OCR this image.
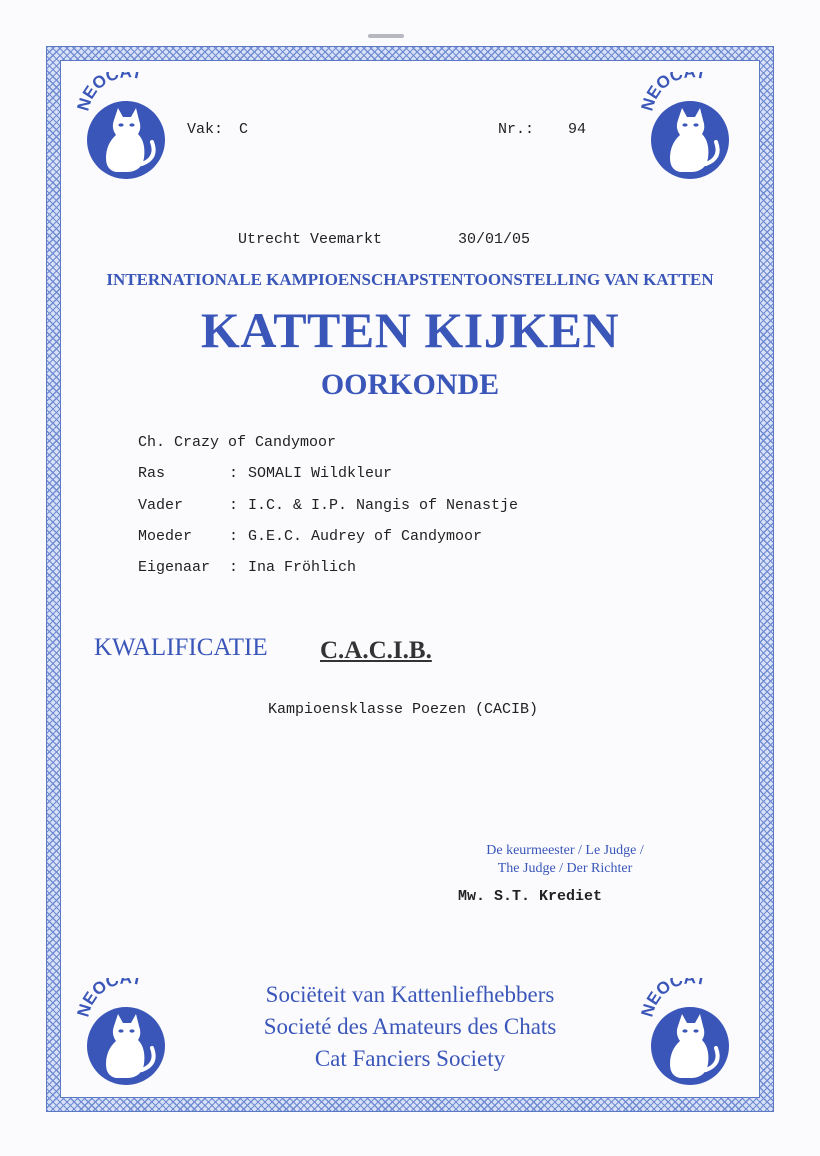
EOC T
EOC T
EOC T
EOC T
Vak: C	Nr.: 94
Utrecht Veemarkt	30/01/05
INTERNATIONALE KAMPIOENSCHAPSTENTOONSTELLING VAN KATTEN
KATTEN KIJKEN
OORKONDE
Ch. Crazy of Candymoor
Ras	: SOMALI Wildkleur
Vader	: I.C. & I.P. Nangis of Nenastje
Moeder : G.E.C. Audrey of Candymoor
Eigenaar : Ina Fröhlich
KWALIFICATIE C.A.C.I.B.
Kampioensklasse Poezen (CACIB)
De keurmeester / Le Judge /
The Judge / Der Richter
Mw. S.T. Krediet
Sociëteit van Kattenliefhebbers
Societé des Amateurs des Chats
Cat Fanciers Society
